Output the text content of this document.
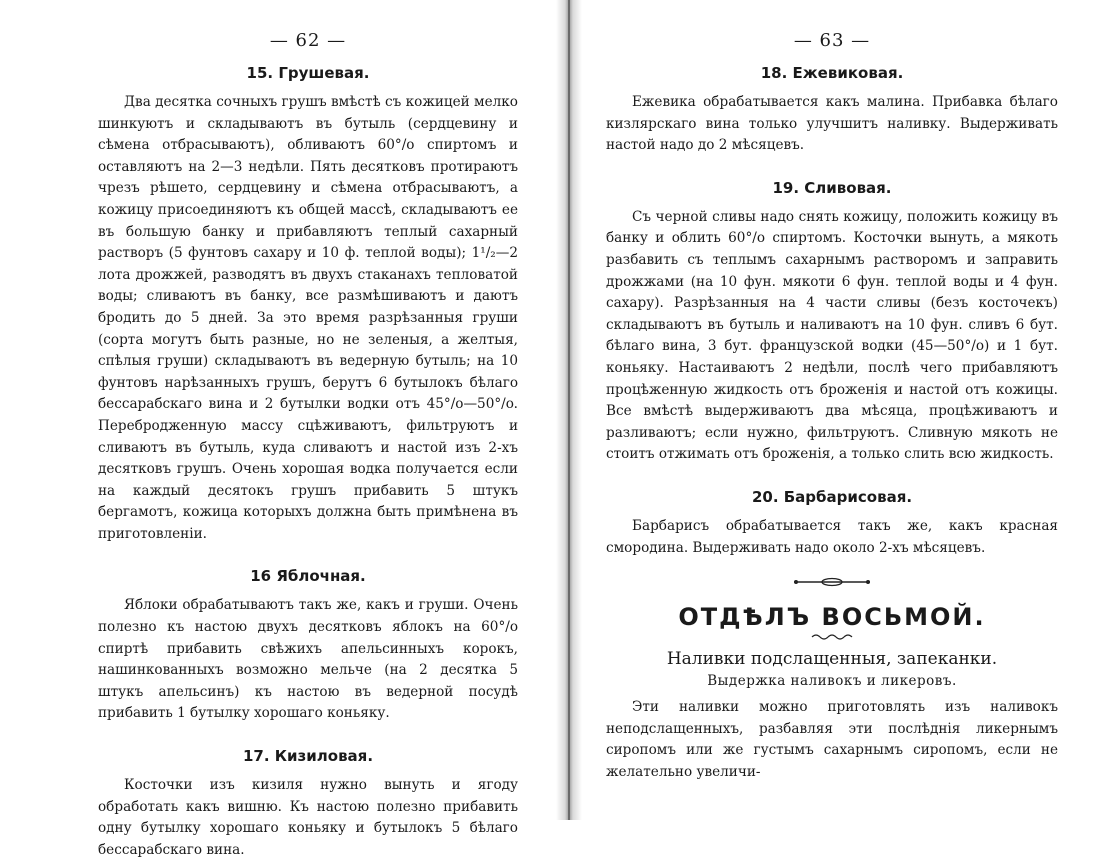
— 62 —
15. Грушевая.

Два десятка сочныхъ грушъ вмѣстѣ съ кожицей мелко шинкуютъ и складываютъ въ бутыль (сердцевину и сѣмена отбрасываютъ), обливаютъ 60°/o спиртомъ и оставляютъ на 2—3 недѣли. Пять десятковъ протираютъ чрезъ рѣшето, сердцевину и сѣмена отбрасываютъ, а кожицу присоединяютъ къ общей массѣ, складываютъ ее въ большую банку и прибавляютъ теплый сахарный растворъ (5 фунтовъ сахару и 10 ф. теплой воды); 1¹/₂—2 лота дрожжей, разводятъ въ двухъ стаканахъ тепловатой воды; сливаютъ въ банку, все размѣшиваютъ и даютъ бродить до 5 дней. За это время разрѣзанныя груши (сорта могутъ быть разные, но не зеленыя, а желтыя, спѣлыя груши) складываютъ въ ведерную бутыль; на 10 фунтовъ нарѣзанныхъ грушъ, берутъ 6 бутылокъ бѣлаго бессарабскаго вина и 2 бутылки водки отъ 45°/o—50°/o. Перебродженную массу сцѣживаютъ, фильтруютъ и сливаютъ въ бутыль, куда сливаютъ и настой изъ 2-хъ десятковъ грушъ. Очень хорошая водка получается если на каждый десятокъ грушъ прибавить 5 штукъ бергамотъ, кожица которыхъ должна быть примѣнена въ приготовленіи.

16 Яблочная.

Яблоки обрабатываютъ такъ же, какъ и груши. Очень полезно къ настою двухъ десятковъ яблокъ на 60°/o спиртѣ прибавить свѣжихъ апельсинныхъ корокъ, нашинкованныхъ возможно мельче (на 2 десятка 5 штукъ апельсинъ) къ настою въ ведерной посудѣ прибавить 1 бутылку хорошаго коньяку.

17. Кизиловая.

Косточки изъ кизиля нужно вынуть и ягоду обработать какъ вишню. Къ настою полезно прибавить одну бутылку хорошаго коньяку и бутылокъ 5 бѣлаго бессарабскаго вина.

— 63 —
18. Ежевиковая.

Ежевика обрабатывается какъ малина. Прибавка бѣлаго кизлярскаго вина только улучшитъ наливку. Выдерживать настой надо до 2 мѣсяцевъ.

19. Сливовая.

Съ черной сливы надо снять кожицу, положить кожицу въ банку и облить 60°/o спиртомъ. Косточки вынуть, а мякоть разбавить съ теплымъ сахарнымъ растворомъ и заправить дрожжами (на 10 фун. мякоти 6 фун. теплой воды и 4 фун. сахару). Разрѣзанныя на 4 части сливы (безъ косточекъ) складываютъ въ бутыль и наливаютъ на 10 фун. сливъ 6 бут. бѣлаго вина, 3 бут. французской водки (45—50°/o) и 1 бут. коньяку. Настаиваютъ 2 недѣли, послѣ чего прибавляютъ процѣженную жидкость отъ броженія и настой отъ кожицы. Все вмѣстѣ выдерживаютъ два мѣсяца, процѣживаютъ и разливаютъ; если нужно, фильтруютъ. Сливную мякоть не стоитъ отжимать отъ броженія, а только слить всю жидкость.

20. Барбарисовая.

Барбарисъ обрабатывается такъ же, какъ красная смородина. Выдерживать надо около 2-хъ мѣсяцевъ.

ОТДѢЛЪ ВОСЬМОЙ.
Наливки подслащенныя, запеканки.
Выдержка наливокъ и ликеровъ.

Эти наливки можно приготовлять изъ наливокъ неподслащенныхъ, разбавляя эти послѣднія ликернымъ сиропомъ или же густымъ сахарнымъ сиропомъ, если не желательно увеличи-
